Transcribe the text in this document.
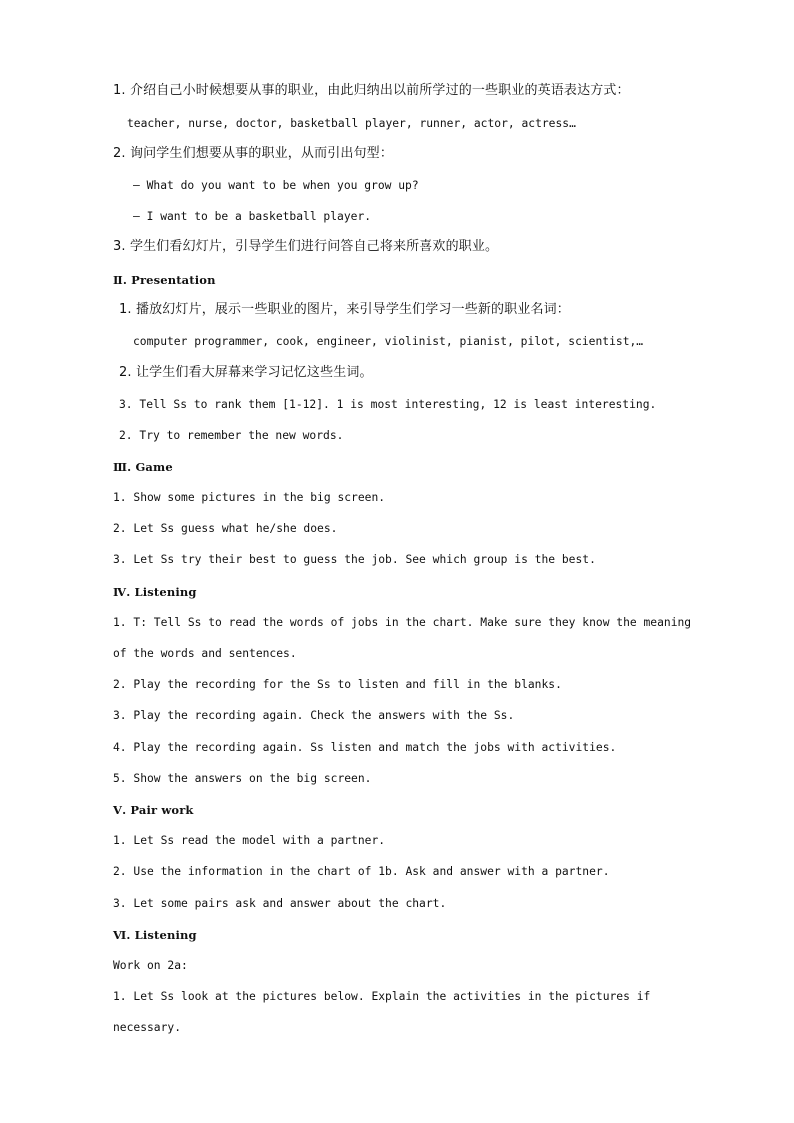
1. 介绍自己小时候想要从事的职业，由此归纳出以前所学过的一些职业的英语表达方式：
teacher, nurse, doctor, basketball player, runner, actor, actress…
2. 询问学生们想要从事的职业，从而引出句型：
— What do you want to be when you grow up?
— I want to be a basketball player.
3. 学生们看幻灯片，引导学生们进行问答自己将来所喜欢的职业。
Ⅱ. Presentation
1. 播放幻灯片，展示一些职业的图片，来引导学生们学习一些新的职业名词：
computer programmer, cook, engineer, violinist, pianist, pilot, scientist,…
2. 让学生们看大屏幕来学习记忆这些生词。
3. Tell Ss to rank them [1-12]. 1 is most interesting, 12 is least interesting.
2. Try to remember the new words.
Ⅲ. Game
1. Show some pictures in the big screen.
2. Let Ss guess what he/she does.
3. Let Ss try their best to guess the job. See which group is the best.
Ⅳ. Listening
1. T: Tell Ss to read the words of jobs in the chart. Make sure they know the meaning
of the words and sentences.
2. Play the recording for the Ss to listen and fill in the blanks.
3. Play the recording again. Check the answers with the Ss.
4. Play the recording again. Ss listen and match the jobs with activities.
5. Show the answers on the big screen.
Ⅴ. Pair work
1. Let Ss read the model with a partner.
2. Use the information in the chart of 1b. Ask and answer with a partner.
3. Let some pairs ask and answer about the chart.
Ⅵ. Listening
Work on 2a:
1. Let Ss look at the pictures below. Explain the activities in the pictures if
necessary.
